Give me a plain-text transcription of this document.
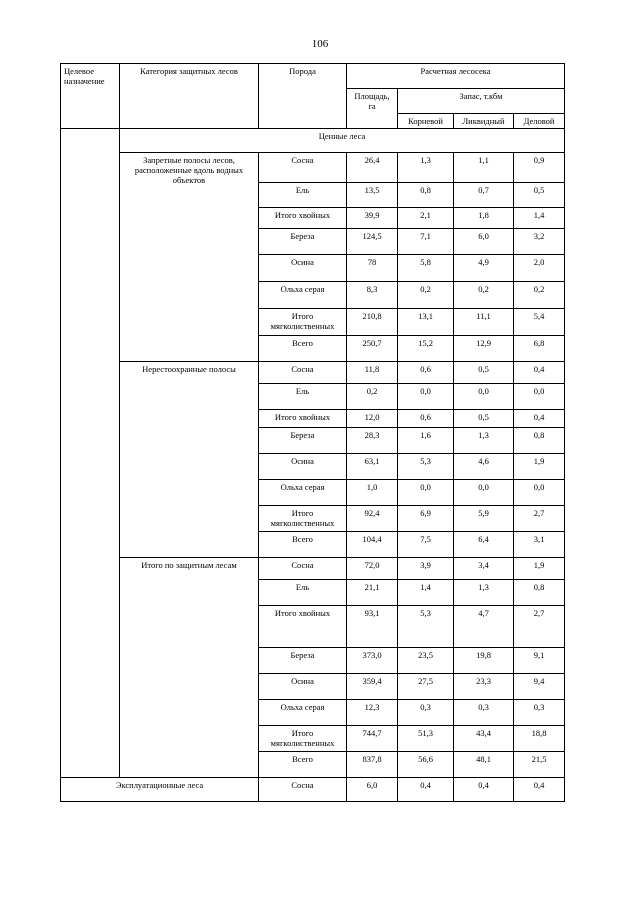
106
Целевое назначение	Категория защитных лесов	Порода	Расчетная лесосека			
			Площадь, га	Запас, т.кбм		
				Корневой	Ликвидный	Деловой
	Ценные леса					
	Запретные полосы лесов, расположенные вдоль водных объектов	Сосна	26,4	1,3	1,1	0,9
		Ель	13,5	0,8	0,7	0,5
		Итого хвойных	39,9	2,1	1,8	1,4
		Береза	124,5	7,1	6,0	3,2
		Осина	78	5,8	4,9	2,0
		Ольха серая	8,3	0,2	0,2	0,2
		Итого мягколиственных	210,8	13,1	11,1	5,4
		Всего	250,7	15,2	12,9	6,8
	Нерестоохранные полосы	Сосна	11,8	0,6	0,5	0,4
		Ель	0,2	0,0	0,0	0,0
		Итого хвойных	12,0	0,6	0,5	0,4
		Береза	28,3	1,6	1,3	0,8
		Осина	63,1	5,3	4,6	1,9
		Ольха серая	1,0	0,0	0,0	0,0
		Итого мягколиственных	92,4	6,9	5,9	2,7
		Всего	104,4	7,5	6,4	3,1
	Итого по защитным лесам	Сосна	72,0	3,9	3,4	1,9
		Ель	21,1	1,4	1,3	0,8
		Итого хвойных	93,1	5,3	4,7	2,7
		Береза	373,0	23,5	19,8	9,1
		Осина	359,4	27,5	23,3	9,4
		Ольха серая	12,3	0,3	0,3	0,3
		Итого мягколиственных	744,7	51,3	43,4	18,8
		Всего	837,8	56,6	48,1	21,5
Эксплуатационные леса		Сосна	6,0	0,4	0,4	0,4
